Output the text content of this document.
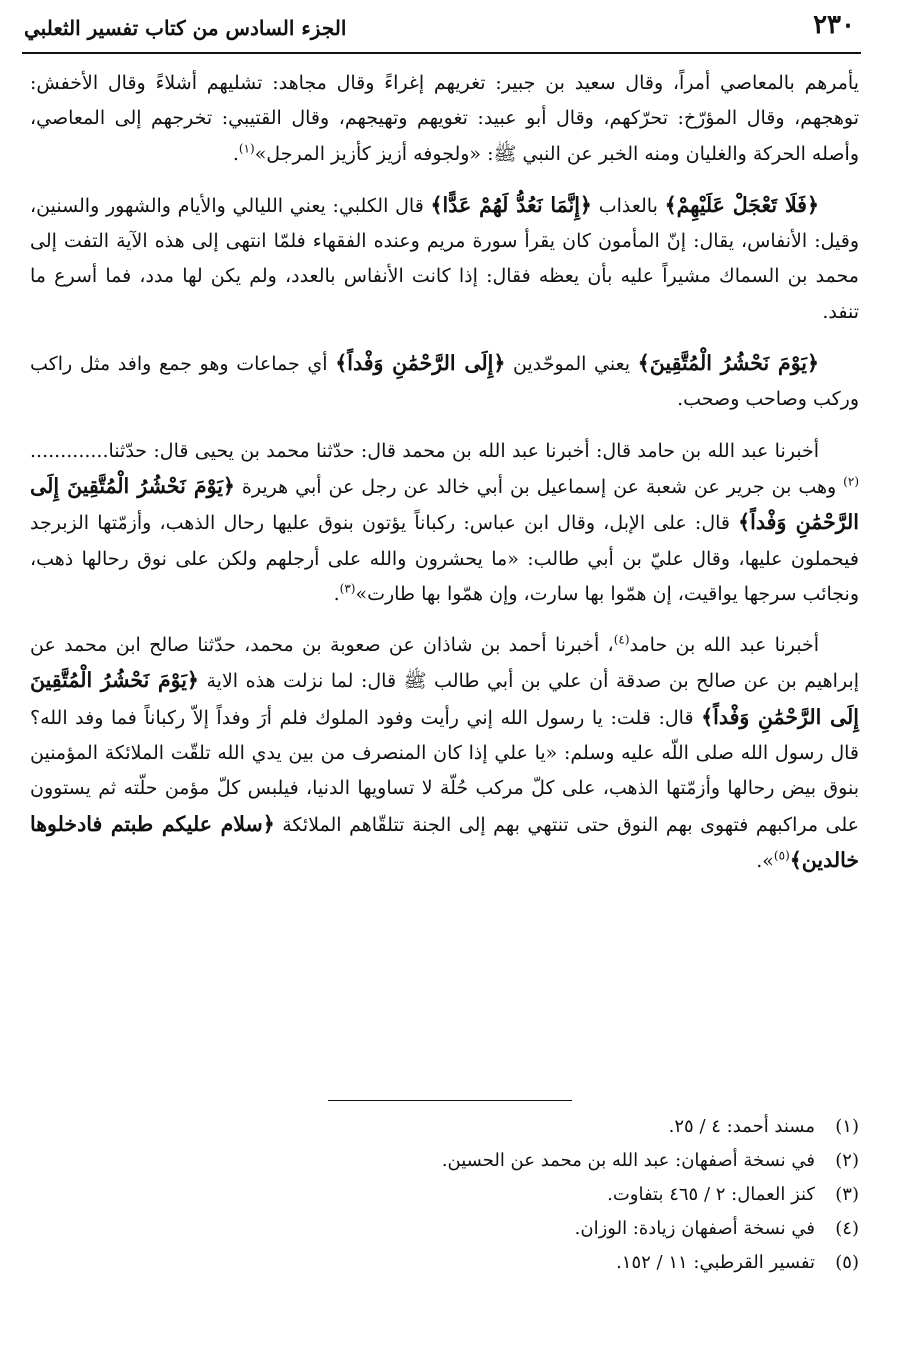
٢٣٠
الجزء السادس من كتاب تفسير الثعلبي

يأمرهم بالمعاصي أمراً، وقال سعيد بن جبير: تغريهم إغراءً وقال مجاهد: تشليهم أشلاءً وقال الأخفش: توهجهم، وقال المؤرّخ: تحرّكهم، وقال أبو عبيد: تغويهم وتهيجهم، وقال القتيبي: تخرجهم إلى المعاصي، وأصله الحركة والغليان ومنه الخبر عن النبي ﷺ: «ولجوفه أزيز كأزيز المرجل»$^{(١)}$.

﴿فَلَا تَعْجَلْ عَلَيْهِمْ﴾ بالعذاب ﴿إِنَّمَا نَعُدُّ لَهُمْ عَدًّا﴾ قال الكلبي: يعني الليالي والأيام والشهور والسنين، وقيل: الأنفاس، يقال: إنّ المأمون كان يقرأ سورة مريم وعنده الفقهاء فلمّا انتهى إلى هذه الآية التفت إلى محمد بن السماك مشيراً عليه بأن يعظه فقال: إذا كانت الأنفاس بالعدد، ولم يكن لها مدد، فما أسرع ما تنفد.

﴿يَوْمَ نَحْشُرُ الْمُتَّقِينَ﴾ يعني الموحّدين ﴿إِلَى الرَّحْمَٰنِ وَفْداً﴾ أي جماعات وهو جمع وافد مثل راكب وركب وصاحب وصحب.

أخبرنا عبد الله بن حامد قال: أخبرنا عبد الله بن محمد قال: حدّثنا محمد بن يحيى قال: حدّثنا.............$^{(٢)}$ وهب بن جرير عن شعبة عن إسماعيل بن أبي خالد عن رجل عن أبي هريرة ﴿يَوْمَ نَحْشُرُ الْمُتَّقِينَ إِلَى الرَّحْمَٰنِ وَفْداً﴾ قال: على الإبل، وقال ابن عباس: ركباناً يؤتون بنوق عليها رحال الذهب، وأزمّتها الزبرجد فيحملون عليها، وقال عليّ بن أبي طالب: «ما يحشرون والله على أرجلهم ولكن على نوق رحالها ذهب، ونجائب سرجها يواقيت، إن همّوا بها سارت، وإن همّوا بها طارت»$^{(٣)}$.

أخبرنا عبد الله بن حامد$^{(٤)}$، أخبرنا أحمد بن شاذان عن صعوبة بن محمد، حدّثنا صالح ابن محمد عن إبراهيم بن عن صالح بن صدقة أن علي بن أبي طالب ﷺ قال: لما نزلت هذه الاية ﴿يَوْمَ نَحْشُرُ الْمُتَّقِينَ إِلَى الرَّحْمَٰنِ وَفْداً﴾ قال: قلت: يا رسول الله إني رأيت وفود الملوك فلم أرَ وفداً إلاّ ركباناً فما وفد الله؟ قال رسول الله صلى اللّه عليه وسلم: «يا علي إذا كان المنصرف من بين يدي الله تلقّت الملائكة المؤمنين بنوق بيض رحالها وأزمّتها الذهب، على كلّ مركب حُلّة لا تساويها الدنيا، فيلبس كلّ مؤمن حلّته ثم يستوون على مراكبهم فتهوى بهم النوق حتى تنتهي بهم إلى الجنة تتلقّاهم الملائكة ﴿سلام عليكم طبتم فادخلوها خالدين﴾$^{(٥)}$».

(١)مسند أحمد: ٤ / ٢٥.
(٢)في نسخة أصفهان: عبد الله بن محمد عن الحسين.
(٣)كنز العمال: ٢ / ٤٦٥ بتفاوت.
(٤)في نسخة أصفهان زيادة: الوزان.
(٥)تفسير القرطبي: ١١ / ١٥٢.
